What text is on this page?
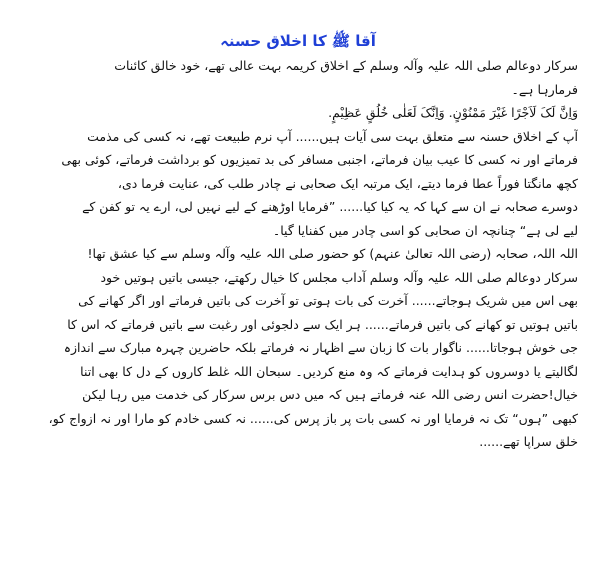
آقا ﷺ کا اخلاق حسنہ
سرکار دوعالم صلی اللہ علیہ وآلہ وسلم کے اخلاق کریمہ بہت عالی تھے، خود خالق کائنات
فرمارہا ہے۔
وَاِنَّ لَکَ لَاَجْرًا غَیْرَ مَمْنُوْنٍ. وَاِنَّکَ لَعَلٰی خُلُقٍ عَظِیْمٍ.
آپ کے اخلاق حسنہ سے متعلق بہت سی آیات ہیں...... آپ نرم طبیعت تھے، نہ کسی کی مذمت
فرماتے اور نہ کسی کا عیب بیان فرماتے، اجنبی مسافر کی بد تمیزیوں کو برداشت فرماتے، کوئی بھی
کچھ مانگتا فوراً عطا فرما دیتے، ایک مرتبہ ایک صحابی نے چادر طلب کی، عنایت فرما دی،
دوسرے صحابہ نے ان سے کہا کہ یہ کیا کیا...... ”فرمایا اوڑھنے کے لیے نہیں لی، ارے یہ تو کفن کے
لیے لی ہے“ چنانچہ ان صحابی کو اسی چادر میں کفنایا گیا۔
اللہ اللہ، صحابہ (رضی اللہ تعالیٰ عنہم) کو حضور صلی اللہ علیہ وآلہ وسلم سے کیا عشق تھا!
سرکار دوعالم صلی اللہ علیہ وآلہ وسلم آداب مجلس کا خیال رکھتے، جیسی باتیں ہوتیں خود
بھی اس میں شریک ہوجاتے...... آخرت کی بات ہوتی تو آخرت کی باتیں فرماتے اور اگر کھانے کی
باتیں ہوتیں تو کھانے کی باتیں فرماتے...... ہر ایک سے دلجوئی اور رغبت سے باتیں فرماتے کہ اس کا
جی خوش ہوجاتا...... ناگوار بات کا زبان سے اظہار نہ فرماتے بلکہ حاضرین چہرہ مبارک سے اندازہ
لگالیتے یا دوسروں کو ہدایت فرماتے کہ وہ منع کردیں۔ سبحان اللہ غلط کاروں کے دل کا بھی اتنا
خیال!حضرت انس رضی اللہ عنہ فرماتے ہیں کہ میں دس برس سرکار کی خدمت میں رہا لیکن
کبھی ”ہوں“ تک نہ فرمایا اور نہ کسی بات پر باز پرس کی...... نہ کسی خادم کو مارا اور نہ ازواج کو،
خلق سراپا تھے......
